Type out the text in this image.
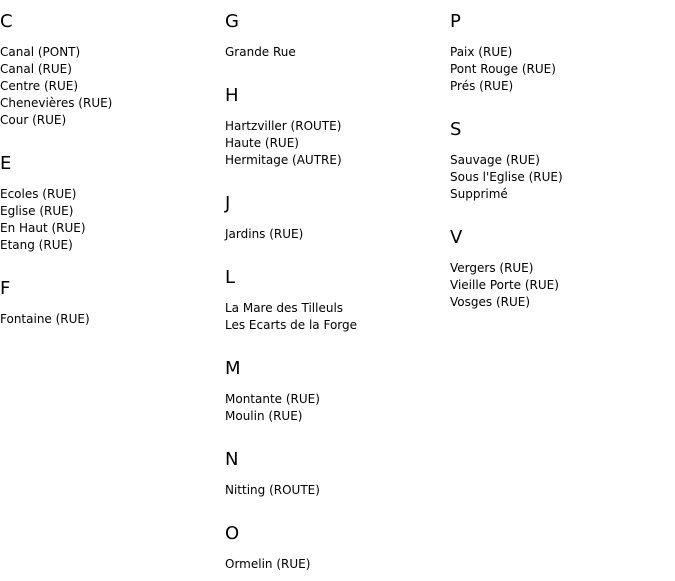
C
Canal (PONT)
Canal (RUE)
Centre (RUE)
Chenevières (RUE)
Cour (RUE)
E
Ecoles (RUE)
Eglise (RUE)
En Haut (RUE)
Etang (RUE)
F
Fontaine (RUE)
G
Grande Rue
H
Hartzviller (ROUTE)
Haute (RUE)
Hermitage (AUTRE)
J
Jardins (RUE)
L
La Mare des Tilleuls
Les Ecarts de la Forge
M
Montante (RUE)
Moulin (RUE)
N
Nitting (ROUTE)
O
Ormelin (RUE)
P
Paix (RUE)
Pont Rouge (RUE)
Prés (RUE)
S
Sauvage (RUE)
Sous l'Eglise (RUE)
Supprimé
V
Vergers (RUE)
Vieille Porte (RUE)
Vosges (RUE)
